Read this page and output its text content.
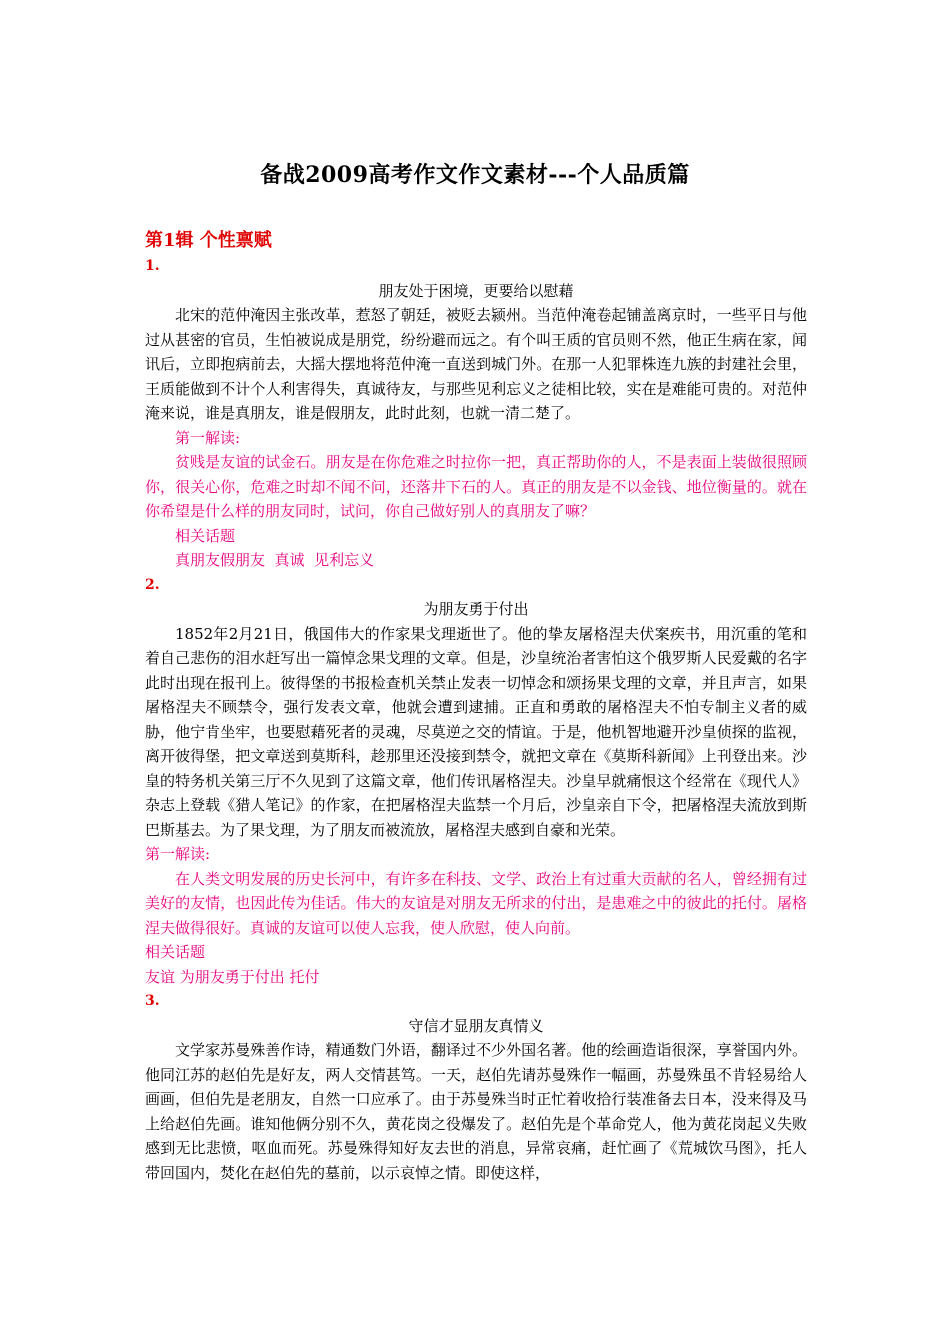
备战2009高考作文作文素材---个人品质篇
第1辑 个性禀赋
1.
朋友处于困境，更要给以慰藉
北宋的范仲淹因主张改革，惹怒了朝廷，被贬去颍州。当范仲淹卷起铺盖离京时，一些平日与他过从甚密的官员，生怕被说成是朋党，纷纷避而远之。有个叫王质的官员则不然，他正生病在家，闻讯后，立即抱病前去，大摇大摆地将范仲淹一直送到城门外。在那一人犯罪株连九族的封建社会里，王质能做到不计个人利害得失，真诚待友，与那些见利忘义之徒相比较，实在是难能可贵的。对范仲淹来说，谁是真朋友，谁是假朋友，此时此刻，也就一清二楚了。
第一解读:
贫贱是友谊的试金石。朋友是在你危难之时拉你一把，真正帮助你的人，不是表面上装做很照顾你，很关心你，危难之时却不闻不问，还落井下石的人。真正的朋友是不以金钱、地位衡量的。就在你希望是什么样的朋友同时，试问，你自己做好别人的真朋友了嘛？
相关话题
真朋友假朋友  真诚  见利忘义
2.
为朋友勇于付出
1852年2月21日，俄国伟大的作家果戈理逝世了。他的挚友屠格涅夫伏案疾书，用沉重的笔和着自己悲伤的泪水赶写出一篇悼念果戈理的文章。但是，沙皇统治者害怕这个俄罗斯人民爱戴的名字此时出现在报刊上。彼得堡的书报检查机关禁止发表一切悼念和颂扬果戈理的文章，并且声言，如果屠格涅夫不顾禁令，强行发表文章，他就会遭到逮捕。正直和勇敢的屠格涅夫不怕专制主义者的威胁，他宁肯坐牢，也要慰藉死者的灵魂，尽莫逆之交的情谊。于是，他机智地避开沙皇侦探的监视，离开彼得堡，把文章送到莫斯科，趁那里还没接到禁令，就把文章在《莫斯科新闻》上刊登出来。沙皇的特务机关第三厅不久见到了这篇文章，他们传讯屠格涅夫。沙皇早就痛恨这个经常在《现代人》杂志上登载《猎人笔记》的作家，在把屠格涅夫监禁一个月后，沙皇亲自下令，把屠格涅夫流放到斯巴斯基去。为了果戈理，为了朋友而被流放，屠格涅夫感到自豪和光荣。
第一解读:
在人类文明发展的历史长河中，有许多在科技、文学、政治上有过重大贡献的名人，曾经拥有过美好的友情，也因此传为佳话。伟大的友谊是对朋友无所求的付出，是患难之中的彼此的托付。屠格涅夫做得很好。真诚的友谊可以使人忘我，使人欣慰，使人向前。
相关话题
友谊 为朋友勇于付出 托付
3.
守信才显朋友真情义
文学家苏曼殊善作诗，精通数门外语，翻译过不少外国名著。他的绘画造诣很深，享誉国内外。他同江苏的赵伯先是好友，两人交情甚笃。一天，赵伯先请苏曼殊作一幅画，苏曼殊虽不肯轻易给人画画，但伯先是老朋友，自然一口应承了。由于苏曼殊当时正忙着收拾行装准备去日本，没来得及马上给赵伯先画。谁知他俩分别不久，黄花岗之役爆发了。赵伯先是个革命党人，他为黄花岗起义失败感到无比悲愤，呕血而死。苏曼殊得知好友去世的消息，异常哀痛，赶忙画了《荒城饮马图》，托人带回国内，焚化在赵伯先的墓前，以示哀悼之情。即使这样，
